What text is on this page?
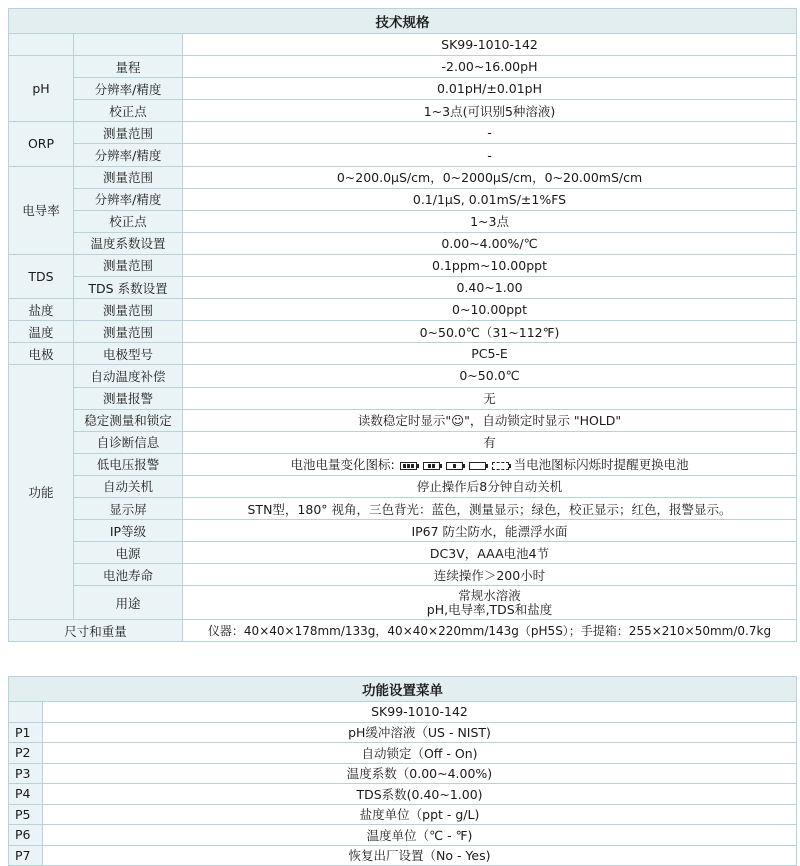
技术规格		
		SK99-1010-142
pH	量程	-2.00~16.00pH
	分辨率/精度	0.01pH/±0.01pH
	校正点	1~3点(可识别5种溶液)
ORP	测量范围	-
	分辨率/精度	-
电导率	测量范围	0~200.0μS/cm，0~2000μS/cm，0~20.00mS/cm
	分辨率/精度	0.1/1μS, 0.01mS/±1%FS
	校正点	1~3点
	温度系数设置	0.00~4.00%/℃
TDS	测量范围	0.1ppm~10.00ppt
	TDS 系数设置	0.40~1.00
盐度	测量范围	0~10.00ppt
温度	测量范围	0~50.0℃（31~112℉)
电极	电极型号	PC5-E
功能	自动温度补偿	0~50.0℃
	测量报警	无
	稳定测量和锁定	读数稳定时显示"☺"，自动锁定时显示 "HOLD"
	自诊断信息	有
	低电压报警	电池电量变化图标: 当电池图标闪烁时提醒更换电池
	自动关机	停止操作后8分钟自动关机
	显示屏	STN型，180° 视角，三色背光：蓝色，测量显示；绿色，校正显示；红色，报警显示。
	IP等级	IP67 防尘防水，能漂浮水面
	电源	DC3V，AAA电池4节
	电池寿命	连续操作＞200小时
	用途	常规水溶液
pH,电导率,TDS和盐度

尺寸和重量		仪器：40×40×178mm/133g，40×40×220mm/143g（pH5S）；手提箱：255×210×50mm/0.7kg
功能设置菜单	
	SK99-1010-142
P1	pH缓冲溶液（US - NIST)
P2	自动锁定（Off - On)
P3	温度系数（0.00~4.00%)
P4	TDS系数(0.40~1.00)
P5	盐度单位（ppt - g/L)
P6	温度单位（℃ - ℉)
P7	恢复出厂设置（No - Yes)
